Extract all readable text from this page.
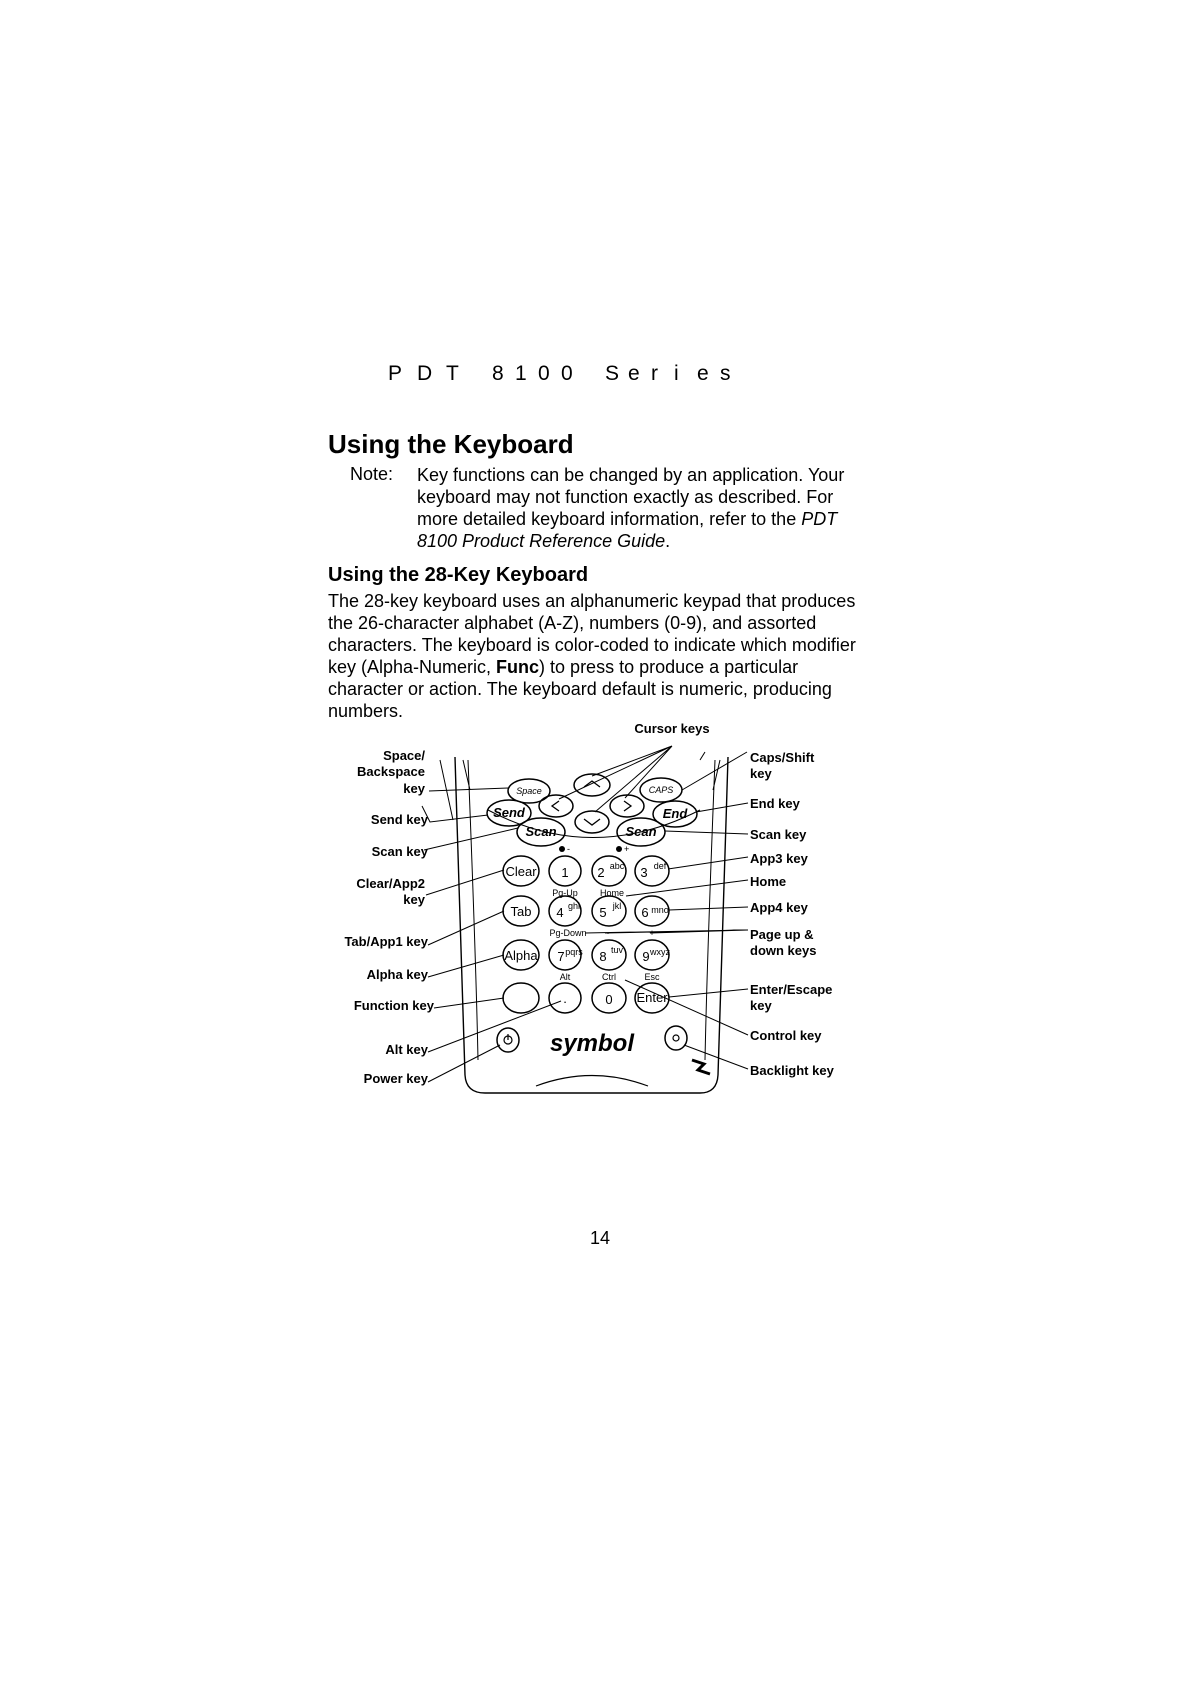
P D T 8 1 0 0 S e r i e s
Using the Keyboard
Note: Key functions can be changed by an application. Your keyboard may not function exactly as described. For more detailed keyboard information, refer to the PDT 8100 Product Reference Guide.
Using the 28-Key Keyboard
The 28-key keyboard uses an alphanumeric keypad that produces the 26-character alphabet (A-Z), numbers (0-9), and assorted characters. The keyboard is color-coded to indicate which modifier key (Alpha-Numeric, Func) to press to produce a particular character or action. The keyboard default is numeric, producing numbers.
Space	CAPS
Send	End
Scan	Scan
-	+
Clear 1 2 abc 3 def
Pg-Up Home
Tab 4 ghi 5 jkl 6 mno
Pg-Down -	+
Alpha 7 pqrs 8 tuv 9 wxyz
Alt	Ctrl	Esc
.	0 Enter
symbol
Cursor keys
Space/
Backspace
key
Send key
Scan key
Clear/App2
key
Tab/App1 key
Alpha key
Function key
Alt key
Power key
Caps/Shift
key
End key
Scan key
App3 key
Home
App4 key
Page up &
down keys
Enter/Escape
key
Control key
Backlight key
14
